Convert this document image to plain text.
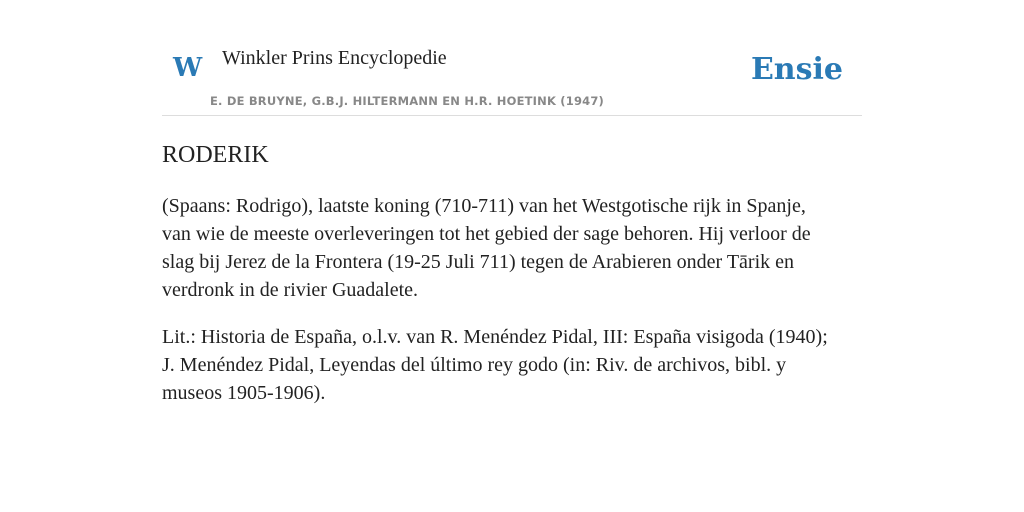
W Winkler Prins Encyclopedie
E. DE BRUYNE, G.B.J. HILTERMANN EN H.R. HOETINK (1947)
Ensie
RODERIK
(Spaans: Rodrigo), laatste koning (710-711) van het Westgotische rijk in Spanje,
van wie de meeste overleveringen tot het gebied der sage behoren. Hij verloor de
slag bij Jerez de la Frontera (19-25 Juli 711) tegen de Arabieren onder Tārik en
verdronk in de rivier Guadalete.
Lit.: Historia de España, o.l.v. van R. Menéndez Pidal, III: España visigoda (1940);
J. Menéndez Pidal, Leyendas del último rey godo (in: Riv. de archivos, bibl. y
museos 1905-1906).
